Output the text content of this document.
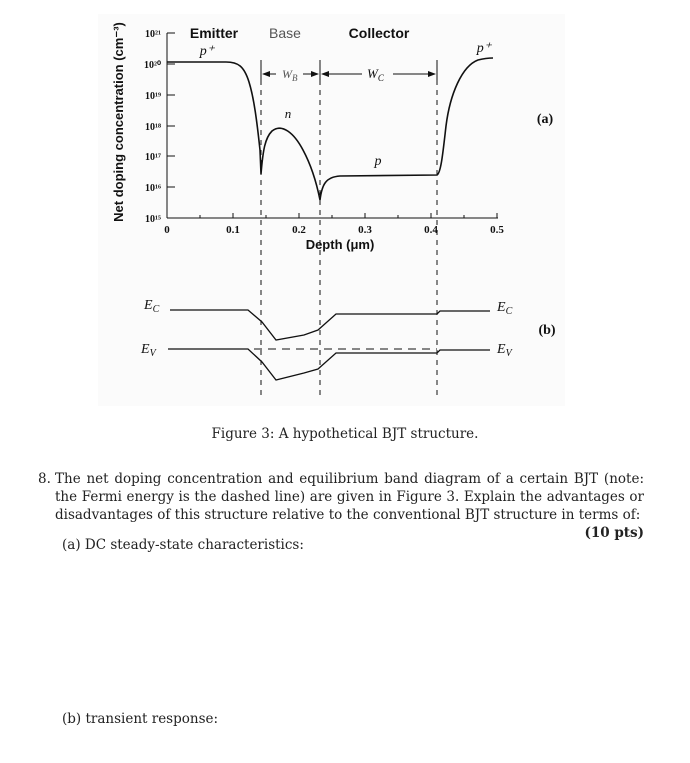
Net doping concentration (cm⁻³) 10²¹
10²⁰
10¹⁹
10¹⁸
10¹⁷
10¹⁶
10¹⁵
0	0.1	0.2	0.3	0.4	0.5
Depth (μm)
Emitter Base	Collector
p⁺
n
p
p⁺
$W_B$	$W_C$
(a)
$E_C$
$E_V$
$E_C$
$E_V$
(b)
Figure 3: A hypothetical BJT structure.
8. The net doping concentration and equilibrium band diagram of a certain BJT (note: the Fermi energy is the dashed line) are given in Figure 3. Explain the advantages or disadvantages of this structure relative to the conventional BJT structure in terms of:
(10 pts)
(a) DC steady-state characteristics:
(b) transient response:
